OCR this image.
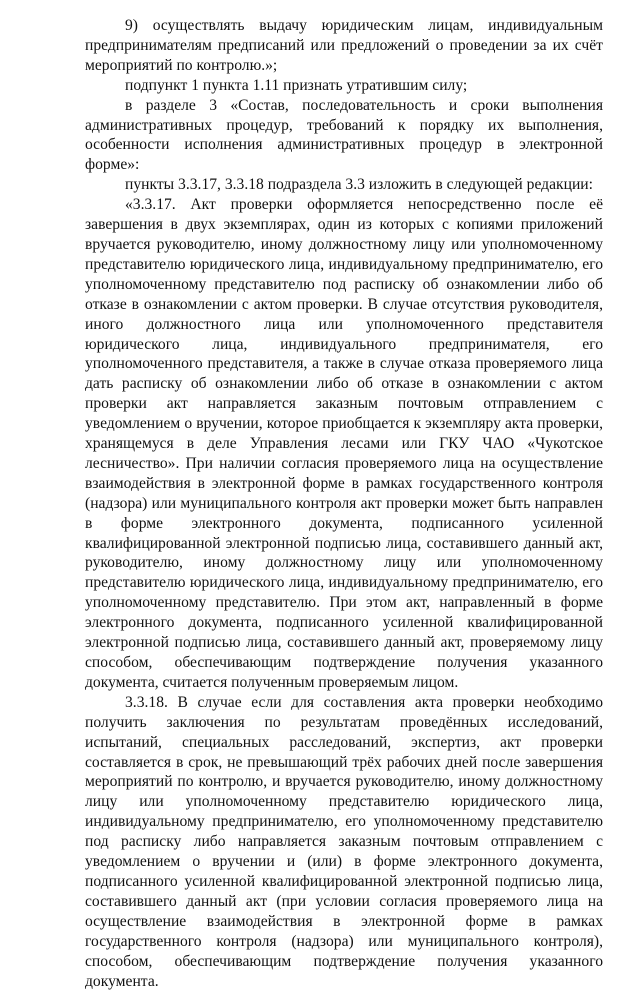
9) осуществлять выдачу юридическим лицам, индивидуальным предпринимателям предписаний или предложений о проведении за их счёт мероприятий по контролю.»;

подпункт 1 пункта 1.11 признать утратившим силу;

в разделе 3 «Состав, последовательность и сроки выполнения административных процедур, требований к порядку их выполнения, особенности исполнения административных процедур в электронной форме»:

пункты 3.3.17, 3.3.18 подраздела 3.3 изложить в следующей редакции:

«3.3.17. Акт проверки оформляется непосредственно после её завершения в двух экземплярах, один из которых с копиями приложений вручается руководителю, иному должностному лицу или уполномоченному представителю юридического лица, индивидуальному предпринимателю, его уполномоченному представителю под расписку об ознакомлении либо об отказе в ознакомлении с актом проверки. В случае отсутствия руководителя, иного должностного лица или уполномоченного представителя юридического лица, индивидуального предпринимателя, его уполномоченного представителя, а также в случае отказа проверяемого лица дать расписку об ознакомлении либо об отказе в ознакомлении с актом проверки акт направляется заказным почтовым отправлением с уведомлением о вручении, которое приобщается к экземпляру акта проверки, хранящемуся в деле Управления лесами или ГКУ ЧАО «Чукотское лесничество». При наличии согласия проверяемого лица на осуществление взаимодействия в электронной форме в рамках государственного контроля (надзора) или муниципального контроля акт проверки может быть направлен в форме электронного документа, подписанного усиленной квалифицированной электронной подписью лица, составившего данный акт, руководителю, иному должностному лицу или уполномоченному представителю юридического лица, индивидуальному предпринимателю, его уполномоченному представителю. При этом акт, направленный в форме электронного документа, подписанного усиленной квалифицированной электронной подписью лица, составившего данный акт, проверяемому лицу способом, обеспечивающим подтверждение получения указанного документа, считается полученным проверяемым лицом.

3.3.18. В случае если для составления акта проверки необходимо получить заключения по результатам проведённых исследований, испытаний, специальных расследований, экспертиз, акт проверки составляется в срок, не превышающий трёх рабочих дней после завершения мероприятий по контролю, и вручается руководителю, иному должностному лицу или уполномоченному представителю юридического лица, индивидуальному предпринимателю, его уполномоченному представителю под расписку либо направляется заказным почтовым отправлением с уведомлением о вручении и (или) в форме электронного документа, подписанного усиленной квалифицированной электронной подписью лица, составившего данный акт (при условии согласия проверяемого лица на осуществление взаимодействия в электронной форме в рамках государственного контроля (надзора) или муниципального контроля), способом, обеспечивающим подтверждение получения указанного документа.
